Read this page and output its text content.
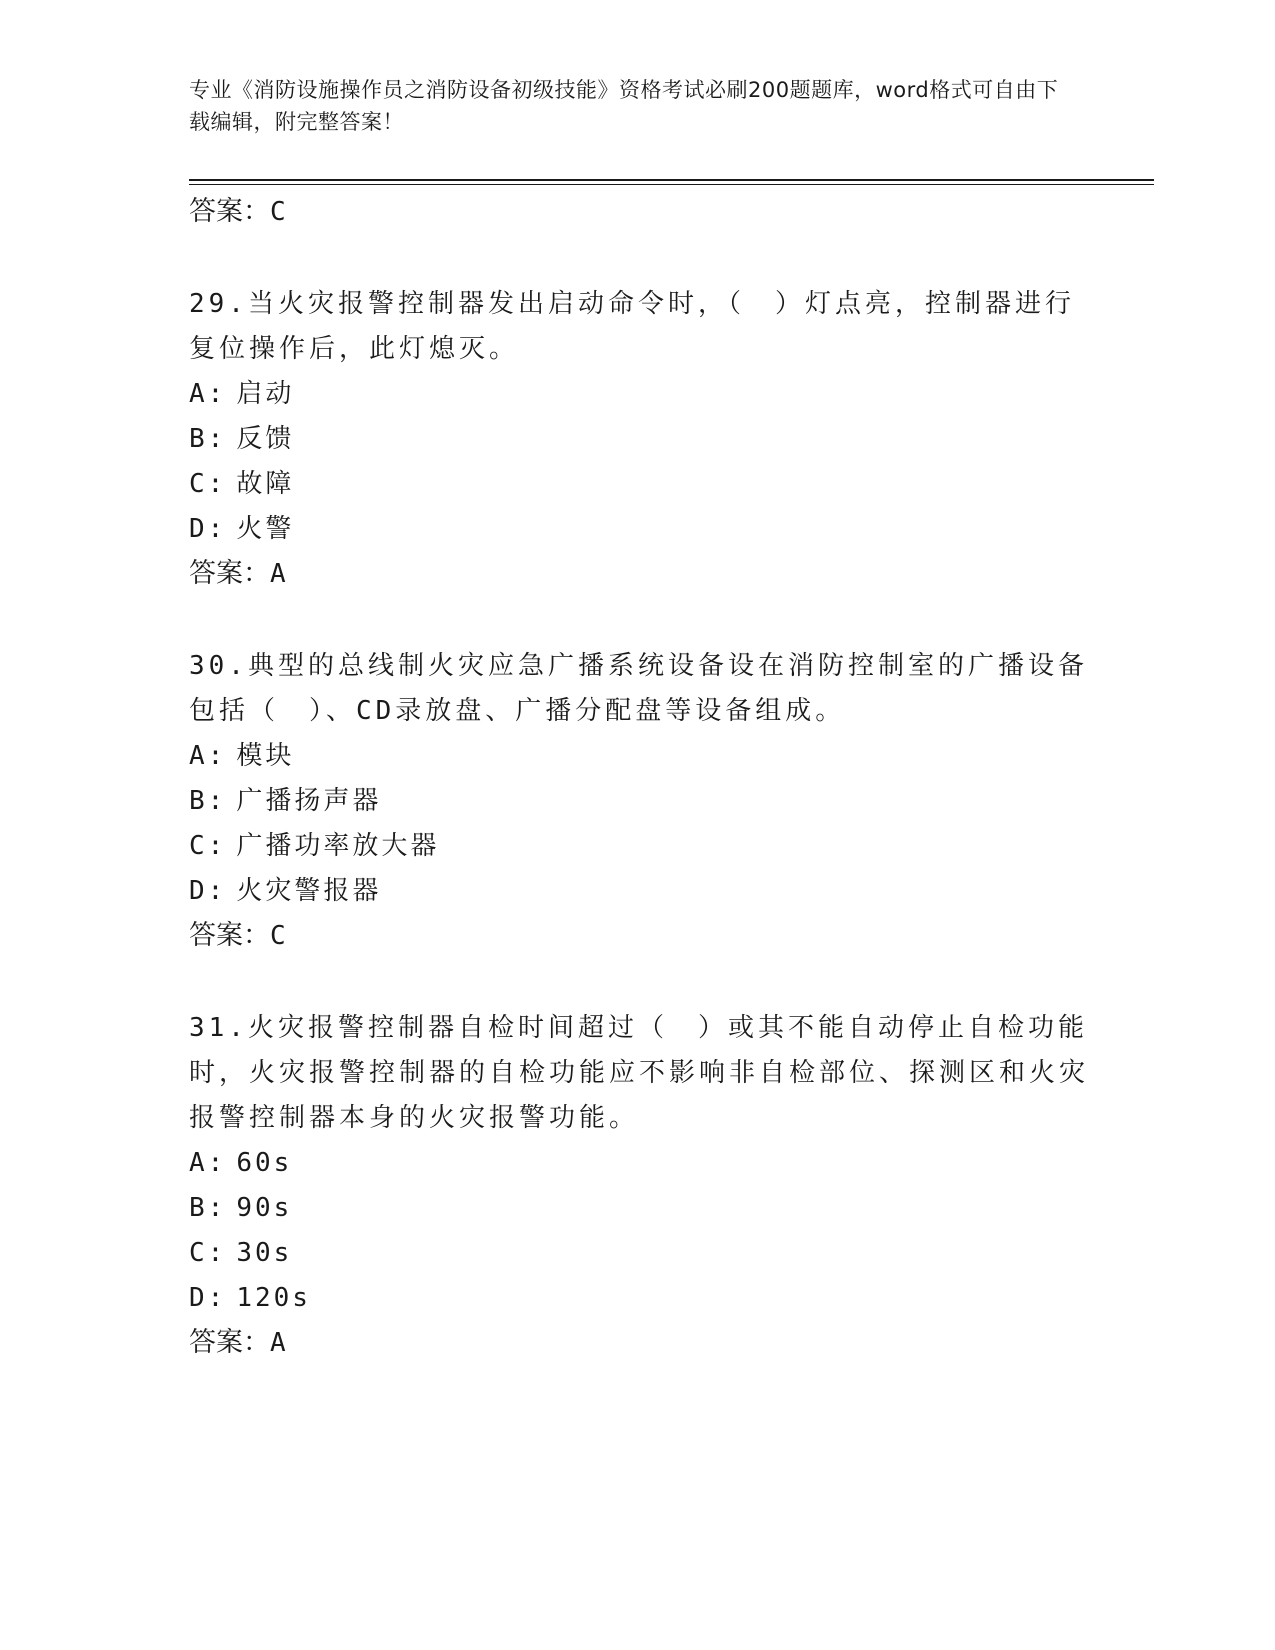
专业《消防设施操作员之消防设备初级技能》资格考试必刷200题题库，word格式可自由下载编辑，附完整答案！

答案：C

29.当火灾报警控制器发出启动命令时，（　）灯点亮，控制器进行复位操作后，此灯熄灭。

A: 启动

B: 反馈

C: 故障

D: 火警

答案：A

30.典型的总线制火灾应急广播系统设备设在消防控制室的广播设备包括（　）、CD录放盘、广播分配盘等设备组成。

A: 模块

B: 广播扬声器

C: 广播功率放大器

D: 火灾警报器

答案：C

31.火灾报警控制器自检时间超过（　）或其不能自动停止自检功能时，火灾报警控制器的自检功能应不影响非自检部位、探测区和火灾报警控制器本身的火灾报警功能。

A: 60s

B: 90s

C: 30s

D: 120s

答案：A
